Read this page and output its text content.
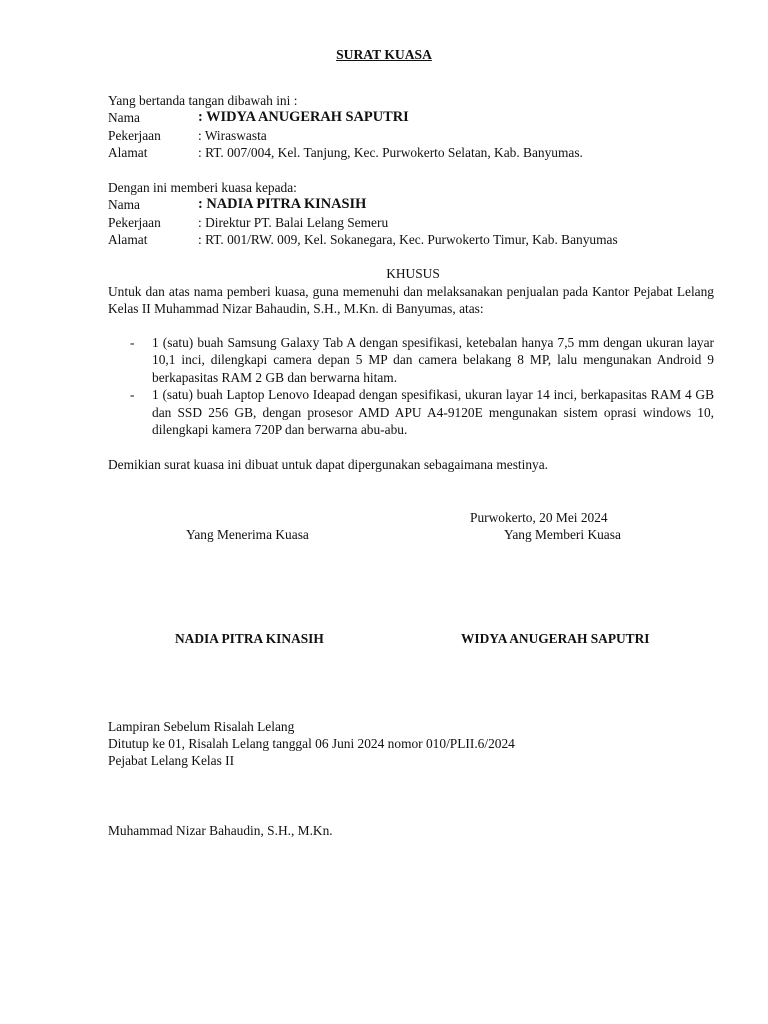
SURAT KUASA
Yang bertanda tangan dibawah ini :
Nama	: WIDYA ANUGERAH SAPUTRI
Pekerjaan	: Wiraswasta
Alamat	: RT. 007/004, Kel. Tanjung, Kec. Purwokerto Selatan, Kab. Banyumas.
Dengan ini memberi kuasa kepada:
Nama	: NADIA PITRA KINASIH
Pekerjaan	: Direktur PT. Balai Lelang Semeru
Alamat	: RT. 001/RW. 009, Kel. Sokanegara, Kec. Purwokerto Timur, Kab. Banyumas
KHUSUS
Untuk dan atas nama pemberi kuasa, guna memenuhi dan melaksanakan penjualan pada Kantor Pejabat Lelang Kelas II Muhammad Nizar Bahaudin, S.H., M.Kn. di Banyumas, atas:
-	1 (satu) buah Samsung Galaxy Tab A dengan spesifikasi, ketebalan hanya 7,5 mm dengan ukuran layar 10,1 inci, dilengkapi camera depan 5 MP dan camera belakang 8 MP, lalu mengunakan Android 9 berkapasitas RAM 2 GB dan berwarna hitam.
-	1 (satu) buah Laptop Lenovo Ideapad dengan spesifikasi, ukuran layar 14 inci, berkapasitas RAM 4 GB dan SSD 256 GB, dengan prosesor AMD APU A4-9120E mengunakan sistem oprasi windows 10, dilengkapi kamera 720P dan berwarna abu-abu.
Demikian surat kuasa ini dibuat untuk dapat dipergunakan sebagaimana mestinya.
Purwokerto, 20 Mei 2024
Yang Menerima Kuasa	Yang Memberi Kuasa
NADIA PITRA KINASIH	WIDYA ANUGERAH SAPUTRI
Lampiran Sebelum Risalah Lelang
Ditutup ke 01, Risalah Lelang tanggal 06 Juni 2024 nomor 010/PLII.6/2024
Pejabat Lelang Kelas II
Muhammad Nizar Bahaudin, S.H., M.Kn.
